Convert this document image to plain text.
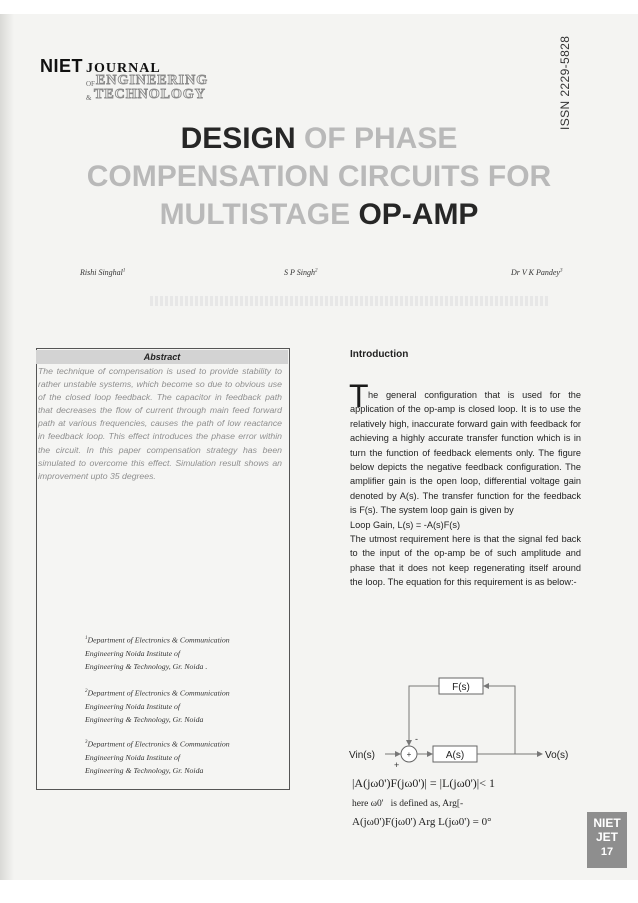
NIET JOURNAL
OF ENGINEERING
& TECHNOLOGY
DESIGN OF PHASE
COMPENSATION CIRCUITS FOR
MULTISTAGE OP-AMP
ISSN 2229-5828
Rishi Singhal$^1$	S P Singh$^2$	Dr V K Pandey$^3$
Abstract
The technique of compensation is used to provide stability to rather unstable systems, which become so due to obvious use of the closed loop feedback. The capacitor in feedback path that decreases the flow of current through main feed forward path at various frequencies, causes the path of low reactance in feedback loop. This effect introduces the phase error within the circuit. In this paper compensation strategy has been simulated to overcome this effect. Simulation result shows an improvement upto 35 degrees.
$^1$Department of Electronics & Communication
Engineering Noida Institute of
Engineering & Technology, Gr. Noida .
$^2$Department of Electronics & Communication
Engineering Noida Institute of
Engineering & Technology, Gr. Noida
$^3$Department of Electronics & Communication
Engineering Noida Institute of
Engineering & Technology, Gr. Noida
Introduction
T he general configuration that is used for the application of the op-amp is closed loop. It is to use the relatively high, inaccurate forward gain with feedback for achieving a highly accurate transfer function which is in turn the function of feedback elements only. The figure below depicts the negative feedback configuration. The amplifier gain is the open loop, differential voltage gain denoted by A(s). The transfer function for the feedback is F(s). The system loop gain is given by
Loop Gain, L(s) = -A(s)F(s)
The utmost requirement here is that the signal fed back to the input of the op-amp be of such amplitude and phase that it does not keep regenerating itself around the loop. The equation for this requirement is as below:-
F(s)
A(s)
+
Vin(s)	Vo(s)
-
+
|A(jω0')F(jω0')| = |L(jω0')|< 1
here ω0' is defined as, Arg[-
A(jω0')F(jω0') Arg L(jω0') = 0°	NIET
JET
17
